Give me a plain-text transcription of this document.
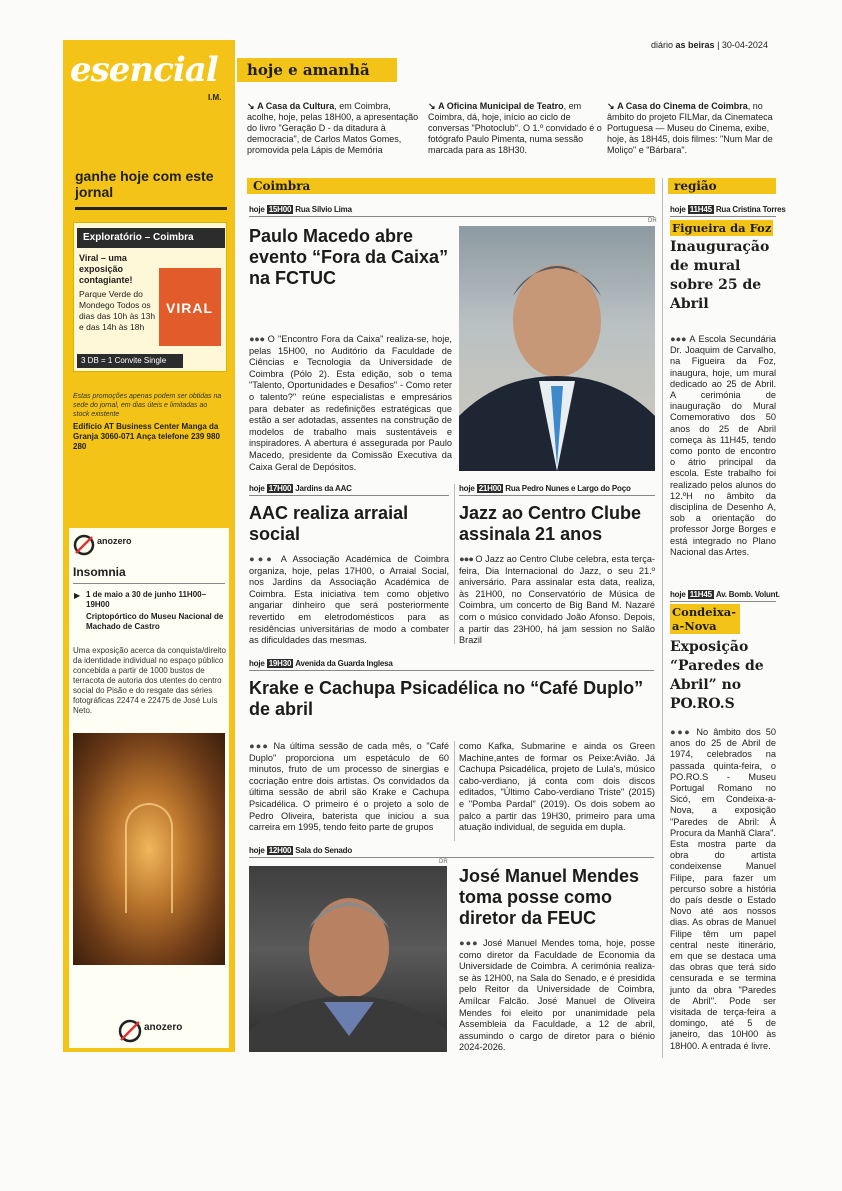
esencial
I.M.
ganhe hoje com este jornal
Exploratório – Coimbra
Viral – uma exposição contagiante!
Parque Verde do Mondego Todos os dias das 10h às 13h e das 14h às 18h
VIRAL
3 DB = 1 Convite Single
Estas promoções apenas podem ser obtidas na sede do jornal, em dias úteis e limitadas ao stock existente
Edifício AT Business Center Manga da Granja 3060-071 Ança telefone 239 980 280
anozero
Insomnia
▶ 1 de maio a 30 de junho 11H00–19H00
Criptopórtico do Museu Nacional de Machado de Castro
Uma exposição acerca da conquista/direito da identidade individual no espaço público concebida a partir de 1000 bustos de terracota de autoria dos utentes do centro social do Pisão e do resgate das séries fotográficas 22474 e 22475 de José Luís Neto.
anozero
diário as beiras | 30-04-2024
hoje e amanhã
↘ A Casa da Cultura, em Coimbra, acolhe, hoje, pelas 18H00, a apresentação do livro "Geração D - da ditadura à democracia", de Carlos Matos Gomes, promovida pela Lápis de Memória
↘ A Oficina Municipal de Teatro, em Coimbra, dá, hoje, início ao ciclo de conversas "Photoclub". O 1.º convidado é o fotógrafo Paulo Pimenta, numa sessão marcada para as 18H30.
↘ A Casa do Cinema de Coimbra, no âmbito do projeto FILMar, da Cinemateca Portuguesa — Museu do Cinema, exibe, hoje, às 18H45, dois filmes: "Num Mar de Moliço" e "Bárbara".
Coimbra
hoje 15H00 Rua Sílvio Lima
DR
Paulo Macedo abre evento “Fora da Caixa” na FCTUC
●●● O "Encontro Fora da Caixa" realiza-se, hoje, pelas 15H00, no Auditório da Faculdade de Ciências e Tecnologia da Universidade de Coimbra (Pólo 2). Esta edição, sob o tema "Talento, Oportunidades e Desafios" - Como reter o talento?" reúne especialistas e empresários para debater as redefinições estratégicas que estão a ser adotadas, assentes na construção de modelos de trabalho mais sustentáveis e inspiradores. A abertura é assegurada por Paulo Macedo, presidente da Comissão Executiva da Caixa Geral de Depósitos.
hoje 17H00 Jardins da AAC
AAC realiza arraial social
●●● A Associação Académica de Coimbra organiza, hoje, pelas 17H00, o Arraial Social, nos Jardins da Associação Académica de Coimbra. Esta iniciativa tem como objetivo angariar dinheiro que será posteriormente revertido em eletrodomésticos para as residências universitárias de modo a combater as dificuldades das mesmas.
hoje 21H00 Rua Pedro Nunes e Largo do Poço
Jazz ao Centro Clube assinala 21 anos
●●● O Jazz ao Centro Clube celebra, esta terça-feira, Dia Internacional do Jazz, o seu 21.º aniversário. Para assinalar esta data, realiza, às 21H00, no Conservatório de Música de Coimbra, um concerto de Big Band M. Nazaré com o músico convidado João Afonso. Depois, a partir das 23H00, há jam session no Salão Brazil
hoje 19H30 Avenida da Guarda Inglesa
Krake e Cachupa Psicadélica no “Café Duplo” de abril
●●● Na última sessão de cada mês, o "Café Duplo" proporciona um espetáculo de 60 minutos, fruto de um processo de sinergias e cocriação entre dois artistas. Os convidados da última sessão de abril são Krake e Cachupa Psicadélica. O primeiro é o projeto a solo de Pedro Oliveira, baterista que iniciou a sua carreira em 1995, tendo feito parte de grupos
como Kafka, Submarine e ainda os Green Machine,antes de formar os Peixe:Avião. Já Cachupa Psicadélica, projeto de Lula's, músico cabo-verdiano, já conta com dois discos editados, "Último Cabo-verdiano Triste" (2015) e "Pomba Pardal" (2019). Os dois sobem ao palco a partir das 19H30, primeiro para uma atuação individual, de seguida em dupla.
hoje 12H00 Sala do Senado
DR
José Manuel Mendes toma posse como diretor da FEUC
●●● José Manuel Mendes toma, hoje, posse como diretor da Faculdade de Economia da Universidade de Coimbra. A cerimónia realiza-se às 12H00, na Sala do Senado, e é presidida pelo Reitor da Universidade de Coimbra, Amílcar Falcão. José Manuel de Oliveira Mendes foi eleito por unanimidade pela Assembleia da Faculdade, a 12 de abril, assumindo o cargo de diretor para o biénio 2024-2026.
região
hoje 11H45 Rua Cristina Torres
Figueira da Foz
Inauguração de mural sobre 25 de Abril
●●● A Escola Secundária Dr. Joaquim de Carvalho, na Figueira da Foz, inaugura, hoje, um mural dedicado ao 25 de Abril. A cerimónia de inauguração do Mural Comemorativo dos 50 anos do 25 de Abril começa às 11H45, tendo como ponto de encontro o átrio principal da escola. Este trabalho foi realizado pelos alunos do 12.ºH no âmbito da disciplina de Desenho A, sob a orientação do professor Jorge Borges e está integrado no Plano Nacional das Artes.
hoje 11H45 Av. Bomb. Volunt.
Condeixa-a-Nova
Exposição “Paredes de Abril” no PO.RO.S
●●● No âmbito dos 50 anos do 25 de Abril de 1974, celebrados na passada quinta-feira, o PO.RO.S - Museu Portugal Romano no Sicó, em Condeixa-a-Nova, a exposição "Paredes de Abril: À Procura da Manhã Clara". Esta mostra parte da obra do artista condeixense Manuel Filipe, para fazer um percurso sobre a história do país desde o Estado Novo até aos nossos dias. As obras de Manuel Filipe têm um papel central neste itinerário, em que se destaca uma das obras que terá sido censurada e se termina junto da obra "Paredes de Abril". Pode ser visitada de terça-feira a domingo, até 5 de janeiro, das 10H00 às 18H00. A entrada é livre.
